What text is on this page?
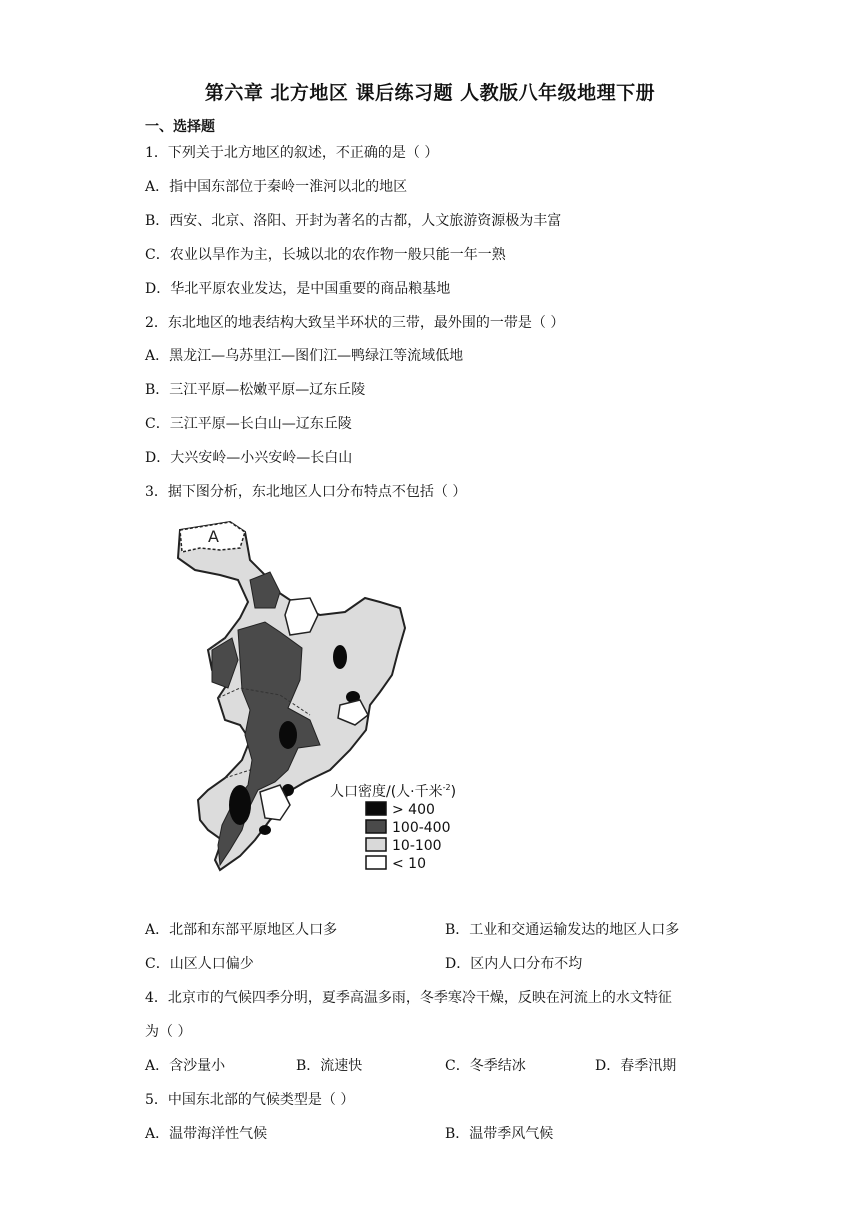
第六章 北方地区 课后练习题 人教版八年级地理下册
一、选择题
1．下列关于北方地区的叙述，不正确的是（ ）
A．指中国东部位于秦岭一淮河以北的地区
B．西安、北京、洛阳、开封为著名的古都，人文旅游资源极为丰富
C．农业以旱作为主，长城以北的农作物一般只能一年一熟
D．华北平原农业发达，是中国重要的商品粮基地
2．东北地区的地表结构大致呈半环状的三带，最外围的一带是（ ）
A．黑龙江—乌苏里江—图们江—鸭绿江等流域低地
B．三江平原—松嫩平原—辽东丘陵
C．三江平原—长白山—辽东丘陵
D．大兴安岭—小兴安岭—长白山
3．据下图分析，东北地区人口分布特点不包括（ ）
A
人口密度/(人·千米$^{-2}$)
> 400
100-400
10-100
< 10
A．北部和东部平原地区人口多	B．工业和交通运输发达的地区人口多
C．山区人口偏少	D．区内人口分布不均
4．北京市的气候四季分明，夏季高温多雨，冬季寒冷干燥，反映在河流上的水文特征
为（ ）
A．含沙量小	B．流速快	C．冬季结冰	D．春季汛期
5．中国东北部的气候类型是（ ）
A．温带海洋性气候	B．温带季风气候
